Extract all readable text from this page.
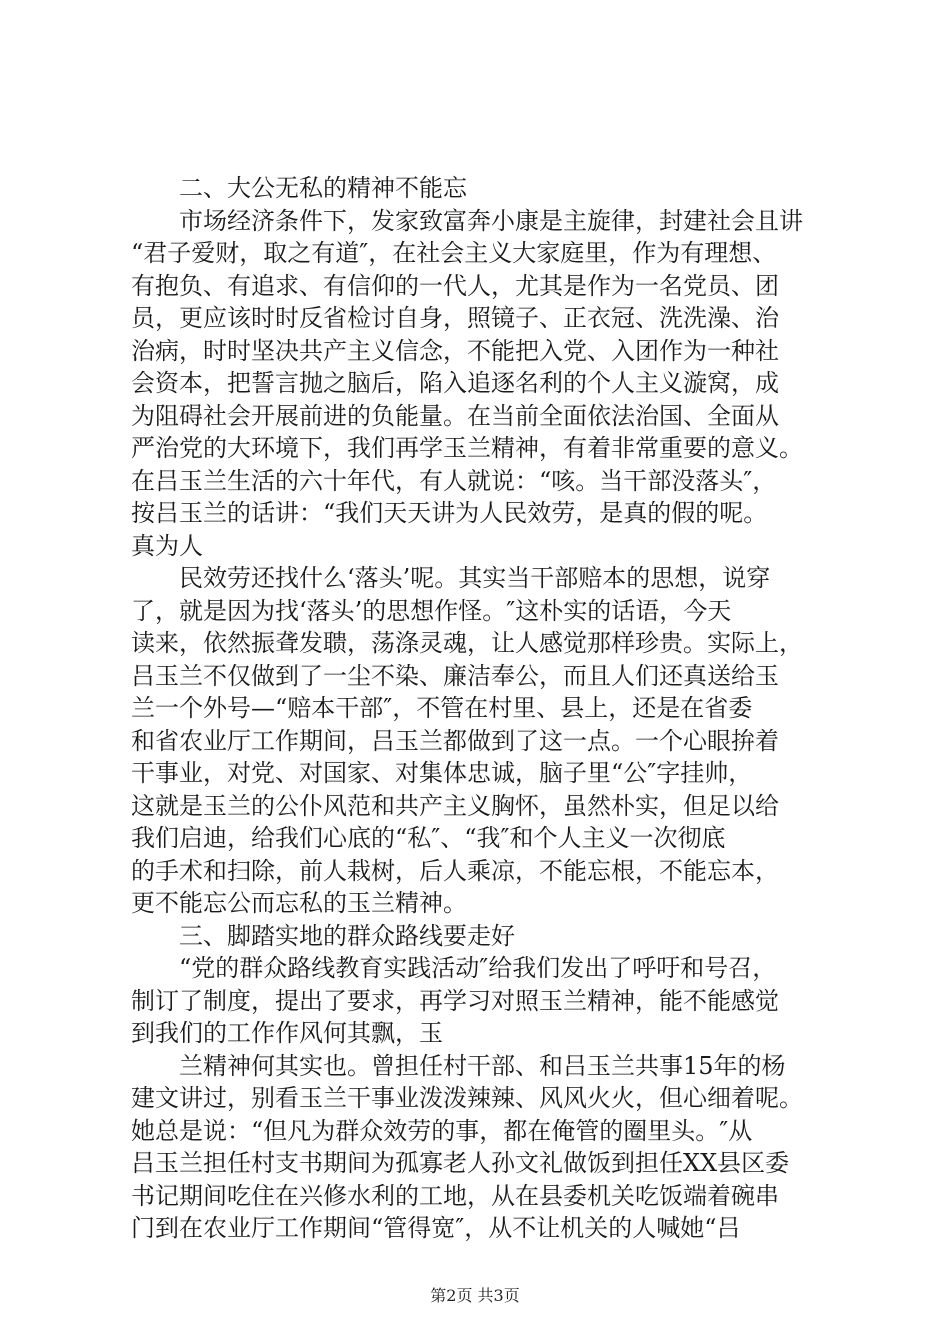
二、大公无私的精神不能忘
市场经济条件下，发家致富奔小康是主旋律，封建社会且讲
“君子爱财，取之有道″，在社会主义大家庭里，作为有理想、
有抱负、有追求、有信仰的一代人，尤其是作为一名党员、团
员，更应该时时反省检讨自身，照镜子、正衣冠、洗洗澡、治
治病，时时坚决共产主义信念，不能把入党、入团作为一种社
会资本，把誓言抛之脑后，陷入追逐名利的个人主义漩窝，成
为阻碍社会开展前进的负能量。在当前全面依法治国、全面从
严治党的大环境下，我们再学玉兰精神，有着非常重要的意义。
在吕玉兰生活的六十年代，有人就说：“咳。当干部没落头″，
按吕玉兰的话讲：“我们天天讲为人民效劳，是真的假的呢。
真为人
民效劳还找什么‘落头’呢。其实当干部赔本的思想，说穿
了，就是因为找‘落头’的思想作怪。″这朴实的话语，今天
读来，依然振聋发聩，荡涤灵魂，让人感觉那样珍贵。实际上，
吕玉兰不仅做到了一尘不染、廉洁奉公，而且人们还真送给玉
兰一个外号—“赔本干部″，不管在村里、县上，还是在省委
和省农业厅工作期间，吕玉兰都做到了这一点。一个心眼拚着
干事业，对党、对国家、对集体忠诚，脑子里“公″字挂帅，
这就是玉兰的公仆风范和共产主义胸怀，虽然朴实，但足以给
我们启迪，给我们心底的“私″、“我″和个人主义一次彻底
的手术和扫除，前人栽树，后人乘凉，不能忘根，不能忘本，
更不能忘公而忘私的玉兰精神。
三、脚踏实地的群众路线要走好
“党的群众路线教育实践活动″给我们发出了呼吁和号召，
制订了制度，提出了要求，再学习对照玉兰精神，能不能感觉
到我们的工作作风何其飘，玉
兰精神何其实也。曾担任村干部、和吕玉兰共事15年的杨
建文讲过，别看玉兰干事业泼泼辣辣、风风火火，但心细着呢。
她总是说：“但凡为群众效劳的事，都在俺管的圈里头。″从
吕玉兰担任村支书期间为孤寡老人孙文礼做饭到担任XX县区委
书记期间吃住在兴修水利的工地，从在县委机关吃饭端着碗串
门到在农业厅工作期间“管得宽″，从不让机关的人喊她“吕
第2页 共3页
